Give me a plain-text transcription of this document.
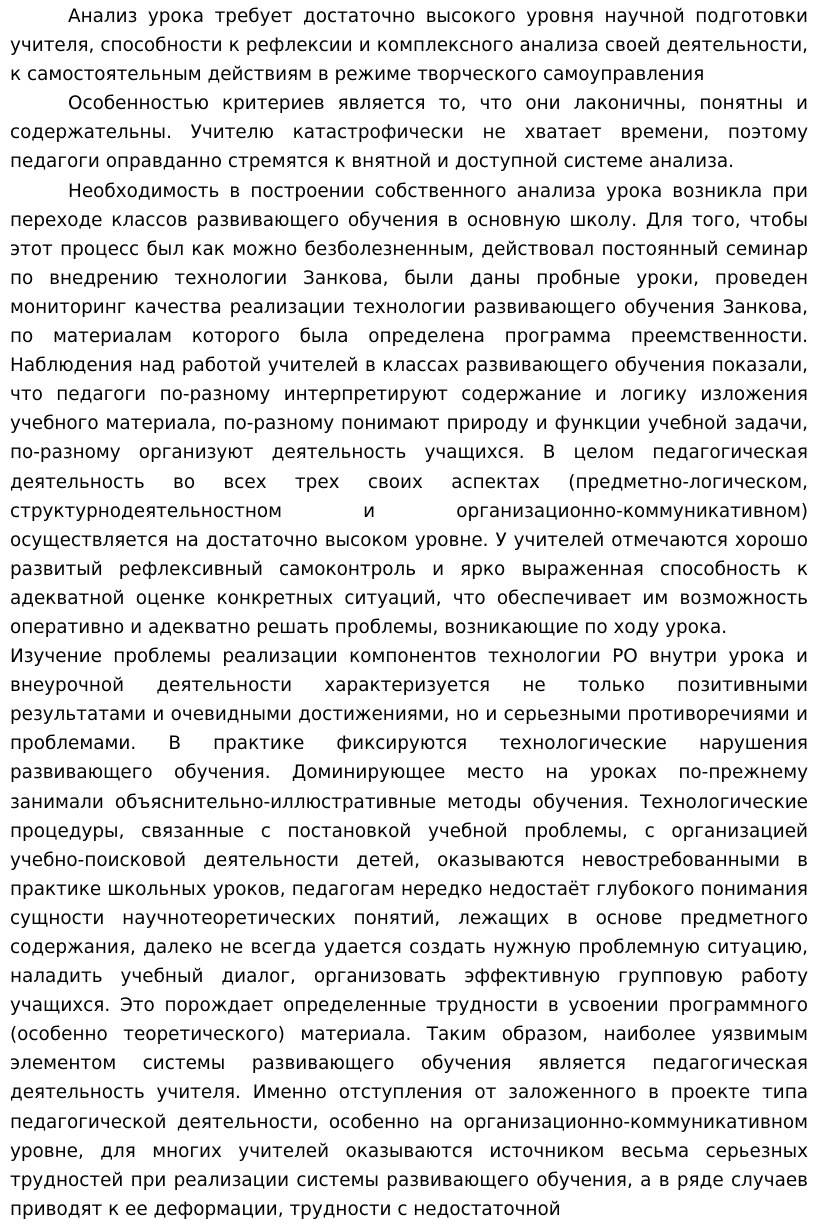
Анализ урока требует достаточно высокого уровня научной подготовки учителя, способности к рефлексии и комплексного анализа своей деятельности, к самостоятельным действиям в режиме творческого самоуправления

Особенностью критериев является то, что они лаконичны, понятны и содержательны. Учителю катастрофически не хватает времени, поэтому педагоги оправданно стремятся к внятной и доступной системе анализа.

Необходимость в построении собственного анализа урока возникла при переходе классов развивающего обучения в основную школу. Для того, чтобы этот процесс был как можно безболезненным, действовал постоянный семинар по внедрению технологии Занкова, были даны пробные уроки, проведен мониторинг качества реализации технологии развивающего обучения Занкова, по материалам которого была определена программа преемственности. Наблюдения над работой учителей в классах развивающего обучения показали, что педагоги по-разному интерпретируют содержание и логику изложения учебного материала, по-разному понимают природу и функции учебной задачи, по-разному организуют деятельность учащихся. В целом педагогическая деятельность во всех трех своих аспектах (предметно-логическом, структурнодеятельностном и организационно-коммуникативном) осуществляется на достаточно высоком уровне. У учителей отмечаются хорошо развитый рефлексивный самоконтроль и ярко выраженная способность к адекватной оценке конкретных ситуаций, что обеспечивает им возможность оперативно и адекватно решать проблемы, возникающие по ходу урока.

Изучение проблемы реализации компонентов технологии РО внутри урока и внеурочной деятельности характеризуется не только позитивными результатами и очевидными достижениями, но и серьезными противоречиями и проблемами. В практике фиксируются технологические нарушения развивающего обучения. Доминирующее место на уроках по-прежнему занимали объяснительно-иллюстративные методы обучения. Технологические процедуры, связанные с постановкой учебной проблемы, с организацией учебно-поисковой деятельности детей, оказываются невостребованными в практике школьных уроков, педагогам нередко недостаёт глубокого понимания сущности научнотеоретических понятий, лежащих в основе предметного содержания, далеко не всегда удается создать нужную проблемную ситуацию, наладить учебный диалог, организовать эффективную групповую работу учащихся. Это порождает определенные трудности в усвоении программного (особенно теоретического) материала. Таким образом, наиболее уязвимым элементом системы развивающего обучения является педагогическая деятельность учителя. Именно отступления от заложенного в проекте типа педагогической деятельности, особенно на организационно-коммуникативном уровне, для многих учителей оказываются источником весьма серьезных трудностей при реализации системы развивающего обучения, а в ряде случаев приводят к ее деформации, трудности с недостаточной
